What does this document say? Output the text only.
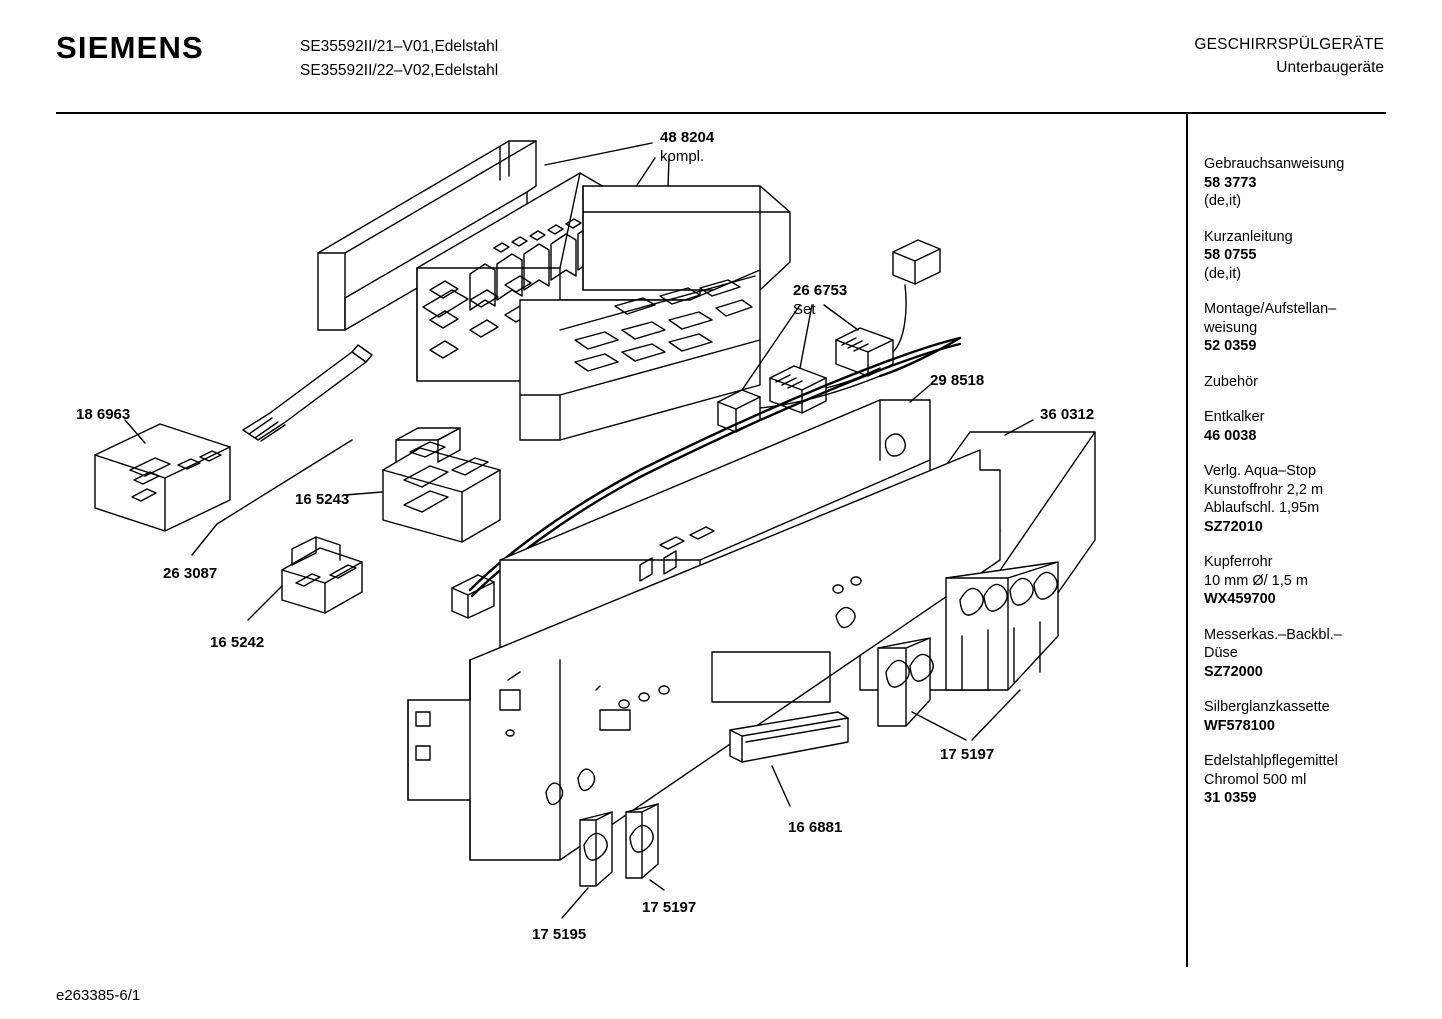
SIEMENS	SE35592II/21–V01,Edelstahl
SE35592II/22–V02,Edelstahl
GESCHIRRSPÜLGERÄTE
Unterbaugeräte
e263385-6/1
Gebrauchsanweisung
58 3773
(de,it)
Kurzanleitung
58 0755
(de,it)
Montage/Aufstellan–
weisung
52 0359
Zubehör
Entkalker
46 0038
Verlg. Aqua–Stop
Kunstoffrohr 2,2 m
Ablaufschl. 1,95m
SZ72010
Kupferrohr
10 mm Ø/ 1,5 m
WX459700
Messerkas.–Backbl.–
Düse
SZ72000
Silberglanzkassette
WF578100
Edelstahlpflegemittel
Chromol 500 ml
31 0359
48 8204
kompl.
26 6753
Set
29 8518
36 0312
18 6963
26 3087
16 5243
16 5242
17 5197
16 6881
17 5197
17 5195
